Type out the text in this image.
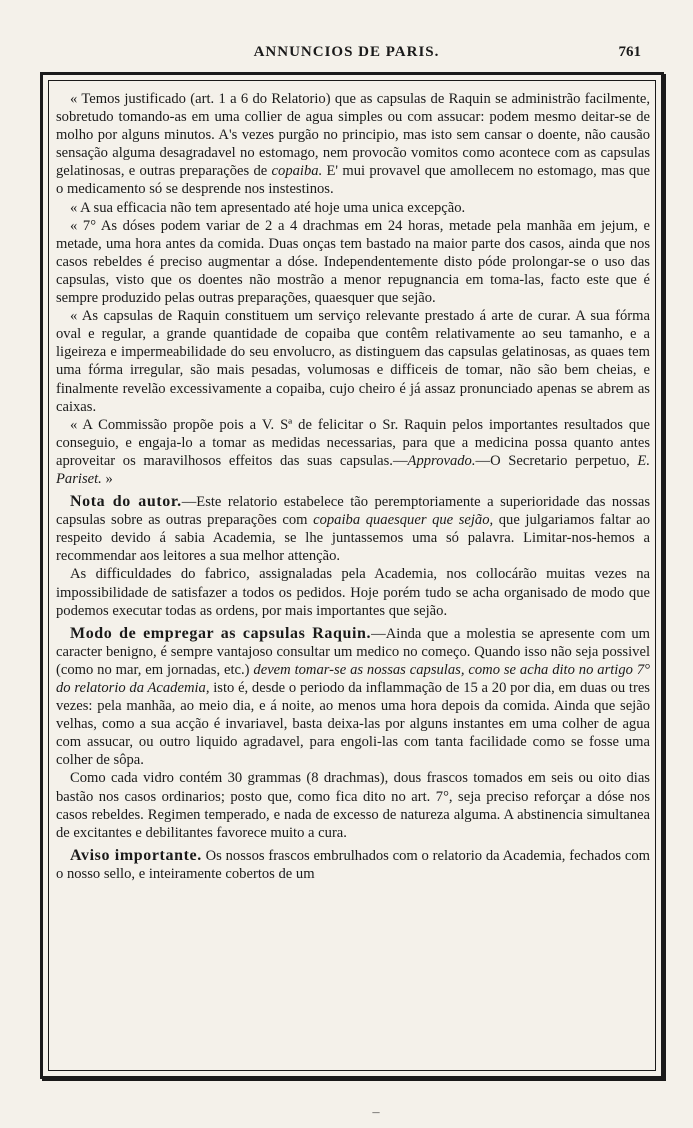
ANNUNCIOS DE PARIS.	761

« Temos justificado (art. 1 a 6 do Relatorio) que as capsulas de Raquin se administrão facilmente, sobretudo tomando-as em uma collier de agua simples ou com assucar: podem mesmo deitar-se de molho por alguns minutos. A's vezes purgão no principio, mas isto sem cansar o doente, não causão sensação alguma desagradavel no estomago, nem provocão vomitos como acontece com as capsulas gelatinosas, e outras preparações de copaiba. E' mui provavel que amollecem no estomago, mas que o medicamento só se desprende nos instestinos.

« A sua efficacia não tem apresentado até hoje uma unica excepção.

« 7° As dóses podem variar de 2 a 4 drachmas em 24 horas, metade pela manhãa em jejum, e metade, uma hora antes da comida. Duas onças tem bastado na maior parte dos casos, ainda que nos casos rebeldes é preciso augmentar a dóse. Independentemente disto póde prolongar-se o uso das capsulas, visto que os doentes não mostrão a menor repugnancia em toma-las, facto este que é sempre produzido pelas outras preparações, quaesquer que sejão.

« As capsulas de Raquin constituem um serviço relevante prestado á arte de curar. A sua fórma oval e regular, a grande quantidade de copaiba que contêm relativamente ao seu tamanho, e a ligeireza e impermeabilidade do seu envolucro, as distinguem das capsulas gelatinosas, as quaes tem uma fórma irregular, são mais pesadas, volumosas e difficeis de tomar, não são bem cheias, e finalmente revelão excessivamente a copaiba, cujo cheiro é já assaz pronunciado apenas se abrem as caixas.

« A Commissão propõe pois a V. Sª de felicitar o Sr. Raquin pelos importantes resultados que conseguio, e engaja-lo a tomar as medidas necessarias, para que a medicina possa quanto antes aproveitar os maravilhosos effeitos das suas capsulas.—Approvado.—O Secretario perpetuo, E. Pariset. »

Nota do autor.—Este relatorio estabelece tão peremptoriamente a superioridade das nossas capsulas sobre as outras preparações com copaiba quaesquer que sejão, que julgariamos faltar ao respeito devido á sabia Academia, se lhe juntassemos uma só palavra. Limitar-nos-hemos a recommendar aos leitores a sua melhor attenção.

As difficuldades do fabrico, assignaladas pela Academia, nos collocárão muitas vezes na impossibilidade de satisfazer a todos os pedidos. Hoje porém tudo se acha organisado de modo que podemos executar todas as ordens, por mais importantes que sejão.

Modo de empregar as capsulas Raquin.—Ainda que a molestia se apresente com um caracter benigno, é sempre vantajoso consultar um medico no começo. Quando isso não seja possivel (como no mar, em jornadas, etc.) devem tomar-se as nossas capsulas, como se acha dito no artigo 7° do relatorio da Academia, isto é, desde o periodo da inflammação de 15 a 20 por dia, em duas ou tres vezes: pela manhãa, ao meio dia, e á noite, ao menos uma hora depois da comida. Ainda que sejão velhas, como a sua acção é invariavel, basta deixa-las por alguns instantes em uma colher de agua com assucar, ou outro liquido agradavel, para engoli-las com tanta facilidade como se fosse uma colher de sôpa.

Como cada vidro contém 30 grammas (8 drachmas), dous frascos tomados em seis ou oito dias bastão nos casos ordinarios; posto que, como fica dito no art. 7°, seja preciso reforçar a dóse nos casos rebeldes. Regimen temperado, e nada de excesso de natureza alguma. A abstinencia simultanea de excitantes e debilitantes favorece muito a cura.

Aviso importante. Os nossos frascos embrulhados com o relatorio da Academia, fechados com o nosso sello, e inteiramente cobertos de um

—
